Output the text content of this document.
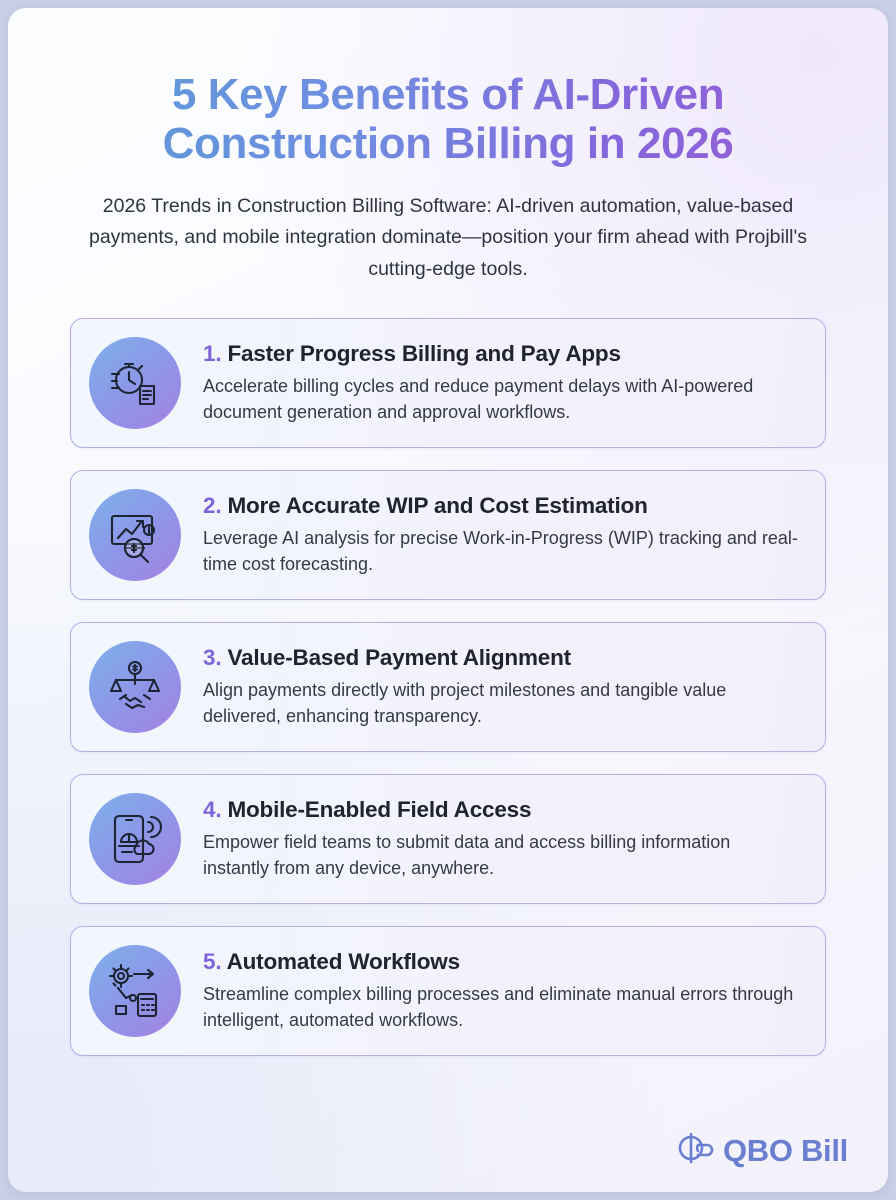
5 Key Benefits of AI-Driven Construction Billing in 2026
2026 Trends in Construction Billing Software: AI-driven automation, value-based payments, and mobile integration dominate—position your firm ahead with Projbill's cutting-edge tools.
1. Faster Progress Billing and Pay Apps
Accelerate billing cycles and reduce payment delays with AI-powered document generation and approval workflows.
2. More Accurate WIP and Cost Estimation
Leverage AI analysis for precise Work-in-Progress (WIP) tracking and real-time cost forecasting.
3. Value-Based Payment Alignment
Align payments directly with project milestones and tangible value delivered, enhancing transparency.
4. Mobile-Enabled Field Access
Empower field teams to submit data and access billing information instantly from any device, anywhere.
5. Automated Workflows
Streamline complex billing processes and eliminate manual errors through intelligent, automated workflows.
QBO Bill
